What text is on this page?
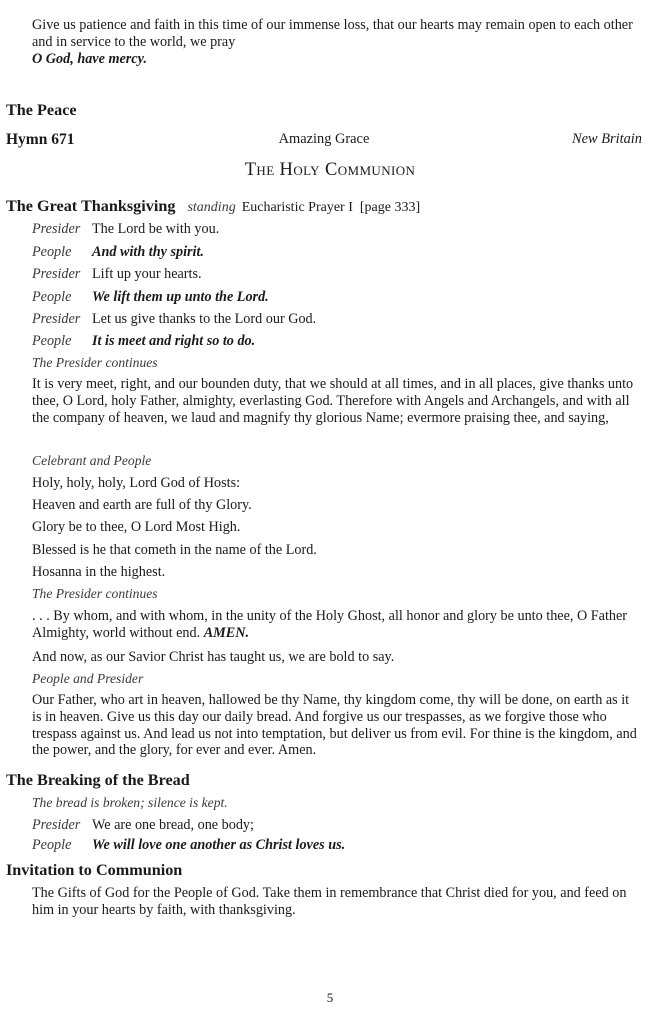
Give us patience and faith in this time of our immense loss, that our hearts may remain open to each other and in service to the world, we pray
O God, have mercy.

The Peace
Amazing Grace
Hymn 671	New Britain
The Holy Communion
The Great Thanksgiving standing Eucharistic Prayer I [page 333]
Presider The Lord be with you.
People And with thy spirit.
Presider Lift up your hearts.
People We lift them up unto the Lord.
Presider Let us give thanks to the Lord our God.
People It is meet and right so to do.
The Presider continues

It is very meet, right, and our bounden duty, that we should at all times, and in all places, give thanks unto thee, O Lord, holy Father, almighty, everlasting God. Therefore with Angels and Archangels, and with all the company of heaven, we laud and magnify thy glorious Name; evermore praising thee, and saying,

Celebrant and People
Holy, holy, holy, Lord God of Hosts:
Heaven and earth are full of thy Glory.
Glory be to thee, O Lord Most High.
Blessed is he that cometh in the name of the Lord.
Hosanna in the highest.
The Presider continues

. . . By whom, and with whom, in the unity of the Holy Ghost, all honor and glory be unto thee, O Father Almighty, world without end. AMEN.

And now, as our Savior Christ has taught us, we are bold to say.
People and Presider

Our Father, who art in heaven, hallowed be thy Name, thy kingdom come, thy will be done, on earth as it is in heaven. Give us this day our daily bread. And forgive us our trespasses, as we forgive those who trespass against us. And lead us not into temptation, but deliver us from evil. For thine is the kingdom, and the power, and the glory, for ever and ever. Amen.

The Breaking of the Bread
The bread is broken; silence is kept.
Presider We are one bread, one body;
People We will love one another as Christ loves us.
Invitation to Communion

The Gifts of God for the People of God. Take them in remembrance that Christ died for you, and feed on him in your hearts by faith, with thanksgiving.

5
